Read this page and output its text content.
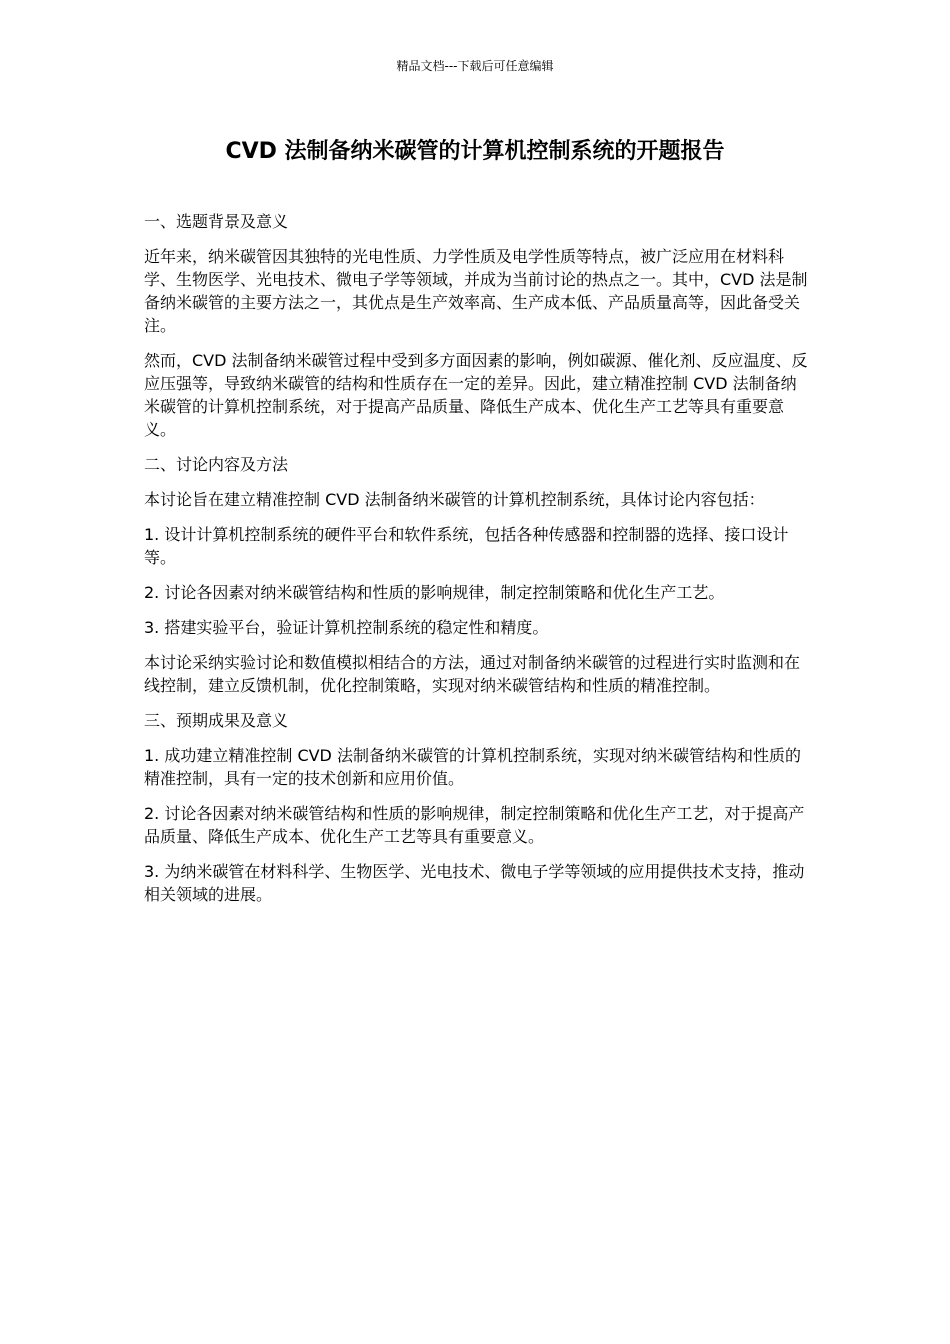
精品文档---下载后可任意编辑
CVD 法制备纳米碳管的计算机控制系统的开题报告

一、选题背景及意义

近年来，纳米碳管因其独特的光电性质、力学性质及电学性质等特点，被广泛应用在材料科学、生物医学、光电技术、微电子学等领域，并成为当前讨论的热点之一。其中，CVD 法是制备纳米碳管的主要方法之一，其优点是生产效率高、生产成本低、产品质量高等，因此备受关注。

然而，CVD 法制备纳米碳管过程中受到多方面因素的影响，例如碳源、催化剂、反应温度、反应压强等，导致纳米碳管的结构和性质存在一定的差异。因此，建立精准控制 CVD 法制备纳米碳管的计算机控制系统，对于提高产品质量、降低生产成本、优化生产工艺等具有重要意义。

二、讨论内容及方法

本讨论旨在建立精准控制 CVD 法制备纳米碳管的计算机控制系统，具体讨论内容包括：

1. 设计计算机控制系统的硬件平台和软件系统，包括各种传感器和控制器的选择、接口设计等。

2. 讨论各因素对纳米碳管结构和性质的影响规律，制定控制策略和优化生产工艺。

3. 搭建实验平台，验证计算机控制系统的稳定性和精度。

本讨论采纳实验讨论和数值模拟相结合的方法，通过对制备纳米碳管的过程进行实时监测和在线控制，建立反馈机制，优化控制策略，实现对纳米碳管结构和性质的精准控制。

三、预期成果及意义

1. 成功建立精准控制 CVD 法制备纳米碳管的计算机控制系统，实现对纳米碳管结构和性质的精准控制，具有一定的技术创新和应用价值。

2. 讨论各因素对纳米碳管结构和性质的影响规律，制定控制策略和优化生产工艺，对于提高产品质量、降低生产成本、优化生产工艺等具有重要意义。

3. 为纳米碳管在材料科学、生物医学、光电技术、微电子学等领域的应用提供技术支持，推动相关领域的进展。
